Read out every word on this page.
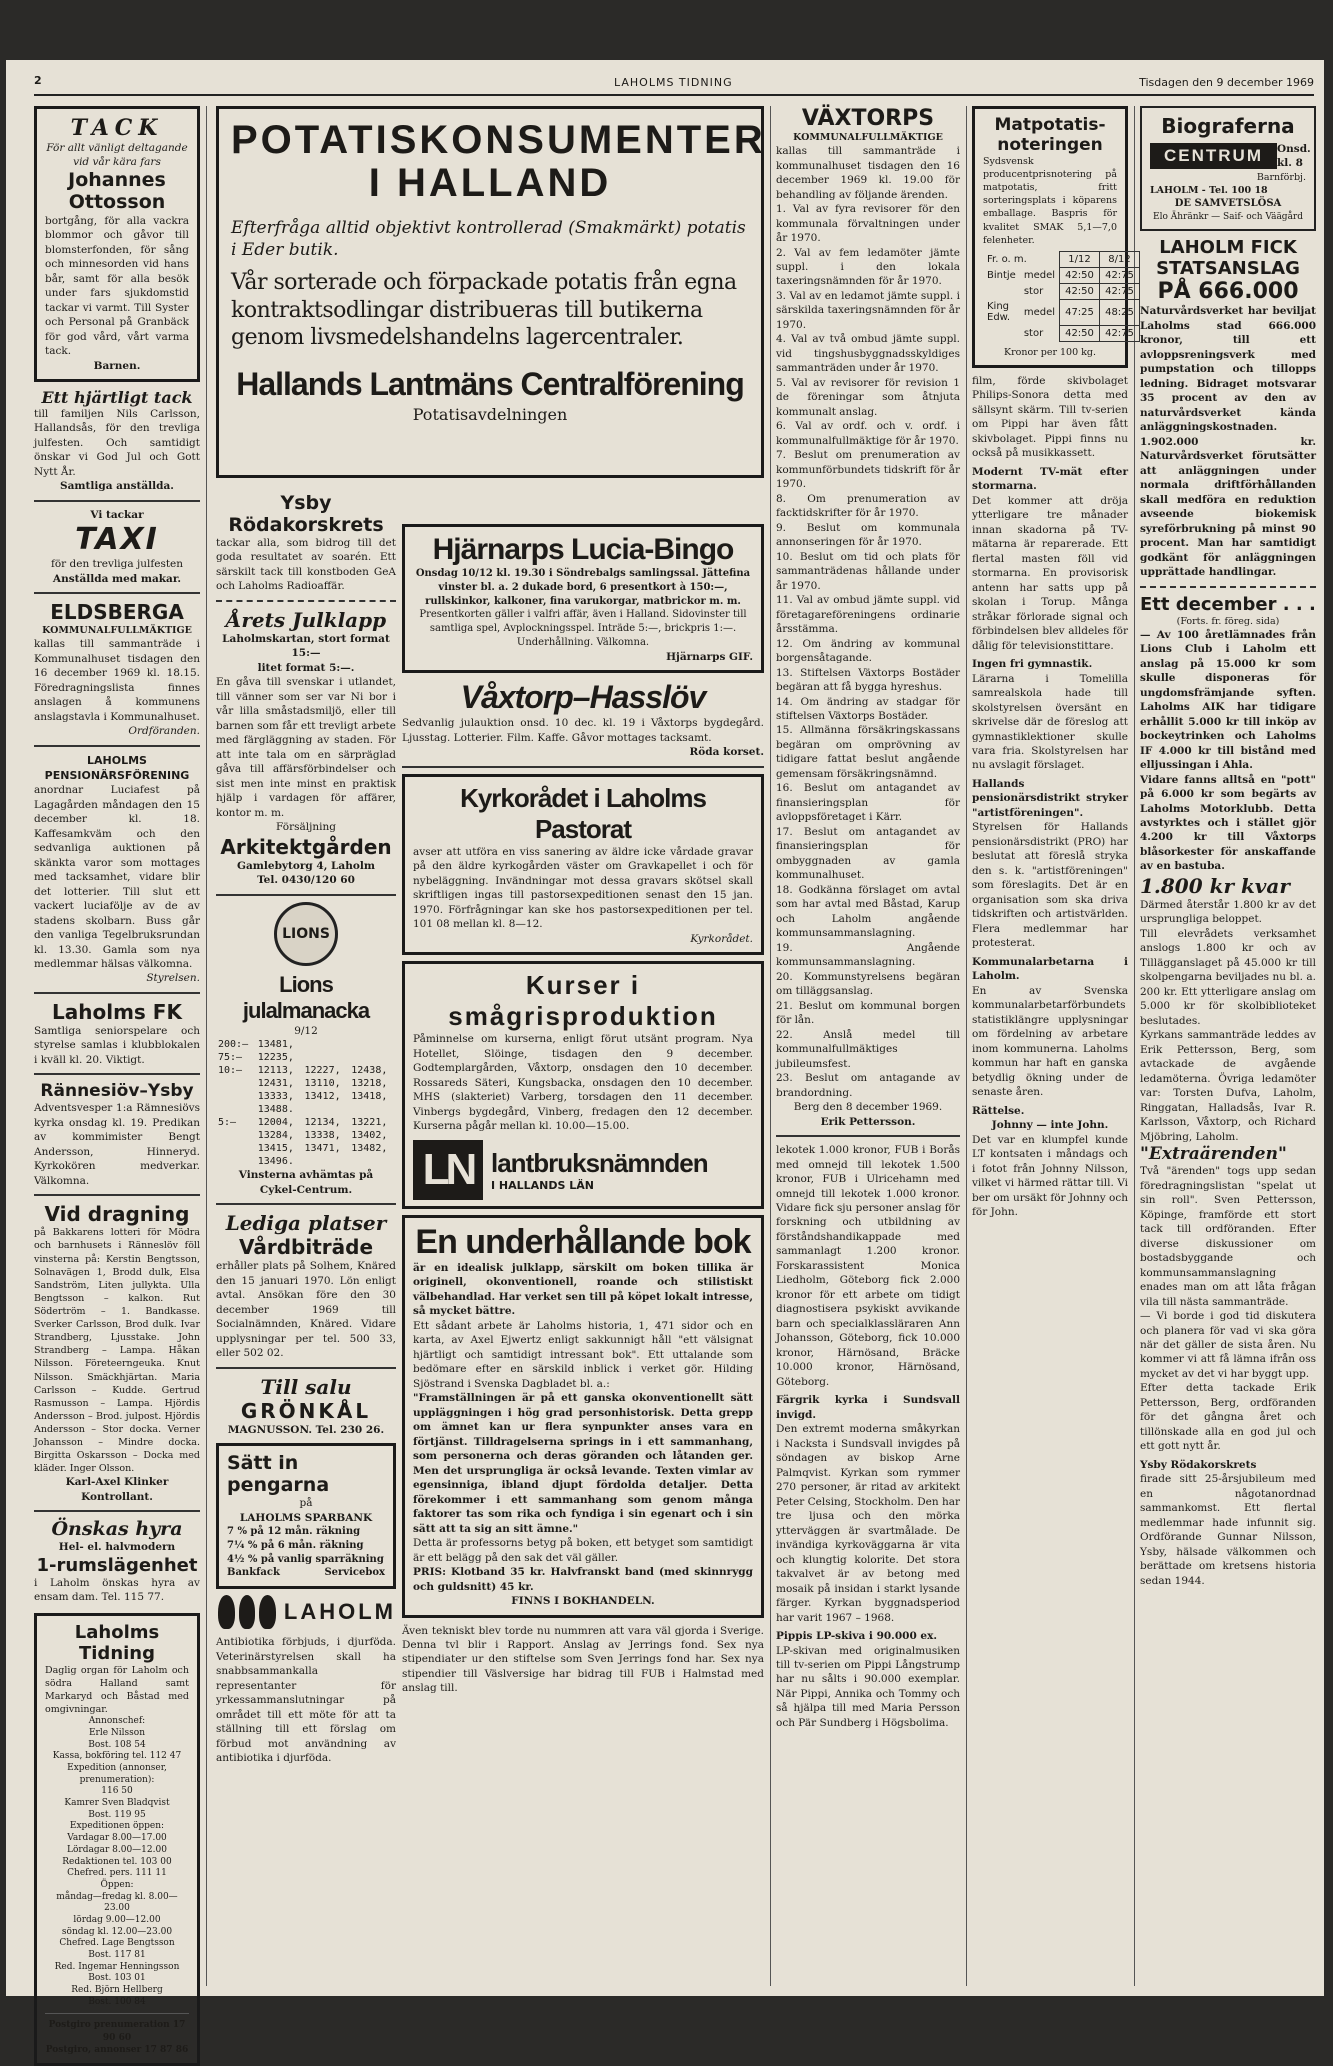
2	LAHOLMS TIDNING	Tisdagen den 9 december 1969
TACK

För allt vänligt deltagande vid vår kära fars

Johannes Ottosson

bortgång, för alla vackra blommor och gåvor till blomsterfonden, för sång och minnesorden vid hans bår, samt för alla besök under fars sjukdomstid tackar vi varmt. Till Syster och Personal på Granbäck för god vård, vårt varma tack.

Barnen.

Ett hjärtligt tack

till familjen Nils Carlsson, Hallandsås, för den trevliga julfesten. Och samtidigt önskar vi God Jul och Gott Nytt År.

Samtliga anställda.

Vi tackar

TAXI

för den trevliga julfesten

Anställda med makar.

ELDSBERGA

KOMMUNALFULLMÄKTIGE

kallas till sammanträde i Kommunalhuset tisdagen den 16 december 1969 kl. 18.15. Föredragningslista finnes anslagen å kommunens anslagstavla i Kommunalhuset.

Ordföranden.

LAHOLMS PENSIONÄRSFÖRENING

anordnar Luciafest på Lagagården måndagen den 15 december kl. 18. Kaffesamkväm och den sedvanliga auktionen på skänkta varor som mottages med tacksamhet, vidare blir det lotterier. Till slut ett vackert luciafölje av de av stadens skolbarn. Buss går den vanliga Tegelbruksrundan kl. 13.30. Gamla som nya medlemmar hälsas välkomna.

Styrelsen.

Laholms FK

Samtliga seniorspelare och styrelse samlas i klubblokalen i kväll kl. 20. Viktigt.

Rännesiöv–Ysby

Adventsvesper 1:a Rämnesiövs kyrka onsdag kl. 19. Predikan av kommimister Bengt Andersson, Hinneryd. Kyrkokören medverkar. Välkomna.

Vid dragning

på Bakkarens lotteri för Mödra och barnhusets i Ränneslöv föll vinsterna på: Kerstin Bengtsson, Solnavägen 1, Brodd dulk, Elsa Sandström, Liten jullykta. Ulla Bengtsson – kalkon. Rut Södertröm – 1. Bandkasse. Sverker Carlsson, Brod dulk. Ivar Strandberg, Ljusstake. John Strandberg – Lampa. Håkan Nilsson. Företeerngeuka. Knut Nilsson. Smäckhjärtan. Maria Carlsson – Kudde. Gertrud Rasmusson – Lampa. Hjördis Andersson – Brod. julpost. Hjördis Andersson – Stor docka. Verner Johansson – Mindre docka. Birgitta Oskarsson – Docka med kläder. Inger Olsson.

Karl-Axel Klinker Kontrollant.

Önskas hyra

Hel- el. halvmodern

1-rumslägenhet

i Laholm önskas hyra av ensam dam. Tel. 115 77.

Laholms Tidning

Daglig organ för Laholm och södra Halland samt Markaryd och Båstad med omgivningar.

Annonschef:
Erle Nilsson
Bost. 108 54
Kassa, bokföring tel. 112 47
Expedition (annonser, prenumeration):
116 50
Kamrer Sven Bladqvist
Bost. 119 95
Expeditionen öppen:
Vardagar 8.00—17.00
Lördagar 8.00—12.00
Redaktionen tel. 103 00
Chefred. pers. 111 11
Öppen:
måndag—fredag kl. 8.00—23.00
lördag 9.00—12.00
söndag kl. 12.00—23.00
Chefred. Lage Bengtsson
Bost. 117 81
Red. Ingemar Henningsson
Bost. 103 01
Red. Björn Hellberg
Bost. 100 84

Postgiro prenumeration 17 90 60

Postgiro, annonser 17 87 86

POTATISKONSUMENTER
I HALLAND
Efterfråga alltid objektivt kontrollerad (Smakmärkt) potatis i Eder butik.
Vår sorterade och förpackade potatis från egna kontraktsodlingar distribueras till butikerna genom livsmedelshandelns lagercentraler.
Hallands Lantmäns Centralförening
Potatisavdelningen
Ysby
Rödakorskrets

tackar alla, som bidrog till det goda resultatet av soarén. Ett särskilt tack till konstboden GeA och Laholms Radioaffär.

Årets Julklapp

Laholmskartan, stort format

15:—

litet format 5:—.

En gåva till svenskar i utlandet, till vänner som ser var Ni bor i vår lilla småstadsmiljö, eller till barnen som får ett trevligt arbete med färgläggning av staden. För att inte tala om en särpräglad gåva till affärsförbindelser och sist men inte minst en praktisk hjälp i vardagen för affärer, kontor m. m.

Försäljning

Arkitektgården

Gamlebytorg 4, Laholm

Tel. 0430/120 60

LIONS
Lions julalmanacka

9/12

200:—	13481,		
75:—	12235,		
10:—	12113,	12227,	12438,
	12431,	13110,	13218,
	13333,	13412,	13418,
	13488.		
5:—	12004,	12134,	13221,
	13284,	13338,	13402,
	13415,	13471,	13482,
	13496.		

Vinsterna avhämtas på

Cykel-Centrum.

Lediga platser
Vårdbiträde

erhåller plats på Solhem, Knäred den 15 januari 1970. Lön enligt avtal. Ansökan före den 30 december 1969 till Socialnämnden, Knäred. Vidare upplysningar per tel. 500 33, eller 502 02.

Till salu
GRÖNKÅL

MAGNUSSON. Tel. 230 26.

Sätt in
pengarna

på

LAHOLMS SPARBANK

7 % på 12 mån. räkning

7¼ % på 6 mån. räkning

4½ % på vanlig sparräkning

Bankfack	Servicebox

LAHOLM

Antibiotika förbjuds, i djurföda. Veterinärstyrelsen skall ha snabbsammankalla representanter för yrkessammanslutningar på området till ett möte för att ta ställning till ett förslag om förbud mot användning av antibiotika i djurföda.

Hjärnarps Lucia-Bingo

Onsdag 10/12 kl. 19.30 i Söndrebalgs samlingssal. Jättefina vinster bl. a. 2 dukade bord, 6 presentkort à 150:—, rullskinkor, kalkoner, fina varukorgar, matbrickor m. m.

Presentkorten gäller i valfri affär, även i Halland. Sidovinster till samtliga spel, Avplockningsspel. Inträde 5:—, brickpris 1:—. Underhållning. Välkomna.

Hjärnarps GIF.

Våxtorp–Hasslöv

Sedvanlig julauktion onsd. 10 dec. kl. 19 i Våxtorps bygdegård. Ljusstag. Lotterier. Film. Kaffe. Gåvor mottages tacksamt.

Röda korset.

Kyrkorådet i Laholms Pastorat

avser att utföra en viss sanering av äldre icke vårdade gravar på den äldre kyrkogården väster om Gravkapellet i och för nybeläggning. Invändningar mot dessa gravars skötsel skall skriftligen ingas till pastorsexpeditionen senast den 15 jan. 1970. Förfrågningar kan ske hos pastorsexpeditionen per tel. 101 08 mellan kl. 8—12.

Kyrkorådet.

Kurser i
smågrisproduktion

Påminnelse om kurserna, enligt förut utsänt program. Nya Hotellet, Slöinge, tisdagen den 9 december. Godtemplargården, Våxtorp, onsdagen den 10 december. Rossareds Säteri, Kungsbacka, onsdagen den 10 december. MHS (slakteriet) Varberg, torsdagen den 11 december. Vinbergs bygdegård, Vinberg, fredagen den 12 december. Kurserna pågår mellan kl. 10.00—15.00.

LN lantbruksnämnden
I HALLANDS LÄN
En underhållande bok

är en idealisk julklapp, särskilt om boken tillika är originell, okonventionell, roande och stilistiskt välbehandlad. Har verket sen till på köpet lokalt intresse, så mycket bättre.

Ett sådant arbete är Laholms historia, 1, 471 sidor och en karta, av Axel Ejwertz enligt sakkunnigt håll "ett välsignat hjärtligt och samtidigt intressant bok". Ett uttalande som bedömare efter en särskild inblick i verket gör. Hilding Sjöstrand i Svenska Dagbladet bl. a.:

"Framställningen är på ett ganska okonventionellt sätt uppläggningen i hög grad personhistorisk. Detta grepp om ämnet kan ur flera synpunkter anses vara en förtjänst. Tilldragelserna springs in i ett sammanhang, som personerna och deras göranden och låtanden ger. Men det ursprungliga är också levande. Texten vimlar av egensinniga, ibland djupt fördolda detaljer. Detta förekommer i ett sammanhang som genom många faktorer tas som rika och fyndiga i sin egenart och i sin sätt att ta sig an sitt ämne."

Detta är professorns betyg på boken, ett betyget som samtidigt är ett belägg på den sak det väl gäller.

PRIS: Klotband 35 kr. Halvfranskt band (med skinnrygg och guldsnitt) 45 kr.

FINNS I BOKHANDELN.

Även tekniskt blev torde nu nummren att vara väl gjorda i Sverige. Denna tvl blir i Rapport. Anslag av Jerrings fond. Sex nya stipendiater ur den stiftelse som Sven Jerrings fond har. Sex nya stipendier till Väslversige har bidrag till FUB i Halmstad med anslag till.

VÄXTORPS

KOMMUNALFULLMÄKTIGE

kallas till sammanträde i kommunalhuset tisdagen den 16 december 1969 kl. 19.00 för behandling av följande ärenden.

1. Val av fyra revisorer för den kommunala förvaltningen under år 1970.

2. Val av fem ledamöter jämte suppl. i den lokala taxeringsnämnden för år 1970.

3. Val av en ledamot jämte suppl. i särskilda taxeringsnämnden för år 1970.

4. Val av två ombud jämte suppl. vid tingshusbyggnadsskyldiges sammanträden under år 1970.

5. Val av revisorer för revision 1 de föreningar som åtnjuta kommunalt anslag.

6. Val av ordf. och v. ordf. i kommunalfullmäktige för år 1970.

7. Beslut om prenumeration av kommunförbundets tidskrift för år 1970.

8. Om prenumeration av facktidskrifter för år 1970.

9. Beslut om kommunala annonseringen för år 1970.

10. Beslut om tid och plats för sammanträdenas hållande under år 1970.

11. Val av ombud jämte suppl. vid företagareföreningens ordinarie årsstämma.

12. Om ändring av kommunal borgensåtagande.

13. Stiftelsen Växtorps Bostäder begäran att få bygga hyreshus.

14. Om ändring av stadgar för stiftelsen Växtorps Bostäder.

15. Allmänna försäkringskassans begäran om omprövning av tidigare fattat beslut angående gemensam försäkringsnämnd.

16. Beslut om antagandet av finansieringsplan för avloppsföretaget i Kärr.

17. Beslut om antagandet av finansieringsplan för ombyggnaden av gamla kommunalhuset.

18. Godkänna förslaget om avtal som har avtal med Båstad, Karup och Laholm angående kommunsammanslagning.

19. Angående kommunsammanslagning.

20. Kommunstyrelsens begäran om tilläggsanslag.

21. Beslut om kommunal borgen för lån.

22. Anslå medel till kommunalfullmäktiges jubileumsfest.

23. Beslut om antagande av brandordning.

Berg den 8 december 1969.

Erik Pettersson.

lekotek 1.000 kronor, FUB i Borås med omnejd till lekotek 1.500 kronor, FUB i Ulricehamn med omnejd till lekotek 1.000 kronor. Vidare fick sju personer anslag för forskning och utbildning av förståndshandikappade med sammanlagt 1.200 kronor. Forskarassistent Monica Liedholm, Göteborg fick 2.000 kronor för ett arbete om tidigt diagnostisera psykiskt avvikande barn och specialklassläraren Ann Johansson, Göteborg, fick 10.000 kronor, Härnösand, Bräcke 10.000 kronor, Härnösand, Göteborg.

Färgrik kyrka i Sundsvall invigd.

Den extremt moderna småkyrkan i Nacksta i Sundsvall invigdes på söndagen av biskop Arne Palmqvist. Kyrkan som rymmer 270 personer, är ritad av arkitekt Peter Celsing, Stockholm. Den har tre ljusa och den mörka ytterväggen är svartmålade. De invändiga kyrkoväggarna är vita och klungtig kolorite. Det stora takvalvet är av betong med mosaik på insidan i starkt lysande färger. Kyrkan byggnadsperiod har varit 1967 – 1968.

Pippis LP-skiva i 90.000 ex.

LP-skivan med originalmusiken till tv-serien om Pippi Långstrump har nu sålts i 90.000 exemplar. När Pippi, Annika och Tommy och så hjälpa till med Maria Persson och Pär Sundberg i Högsbolima.

Matpotatis-
noteringen

Sydsvensk producentprisnotering på matpotatis, fritt sorteringsplats i köparens emballage. Baspris för kvalitet SMAK 5,1—7,0 felenheter.

Fr. o. m.		1/12	8/12
Bintje	medel	42:50	42:75
	stor	42:50	42:75
King Edw.	medel	47:25	48:25
	stor	42:50	42:75

Kronor per 100 kg.

film, förde skivbolaget Philips-Sonora detta med sällsynt skärm. Till tv-serien om Pippi har även fått skivbolaget. Pippi finns nu också på musikkassett.

Modernt TV-mät efter stormarna.

Det kommer att dröja ytterligare tre månader innan skadorna på TV-mätarna är reparerade. Ett flertal masten föll vid stormarna. En provisorisk antenn har satts upp på skolan i Torup. Många stråkar förlorade signal och förbindelsen blev alldeles för dålig för televisionstittare.

Ingen fri gymnastik.

Lärarna i Tomelilla samrealskola hade till skolstyrelsen översänt en skrivelse där de föreslog att gymnastiklektioner skulle vara fria. Skolstyrelsen har nu avslagit förslaget.

Hallands pensionärsdistrikt stryker "artistföreningen".

Styrelsen för Hallands pensionärsdistrikt (PRO) har beslutat att föreslå stryka den s. k. "artistföreningen" som föreslagits. Det är en organisation som ska driva tidskriften och artistvärlden. Flera medlemmar har protesterat.

Kommunalarbetarna i Laholm.

En av Svenska kommunalarbetarförbundets statistiklängre upplysningar om fördelning av arbetare inom kommunerna. Laholms kommun har haft en ganska betydlig ökning under de senaste åren.

Rättelse.

Johnny — inte John.

Det var en klumpfel kunde LT kontsaten i måndags och i fotot från Johnny Nilsson, vilket vi härmed rättar till. Vi ber om ursäkt för Johnny och för John.

Biograferna
CENTRUM	Onsd. kl. 8

Barnförbj.

LAHOLM - Tel. 100 18

DE SAMVETSLÖSA

Elo Ähränkr — Saif- och Väägård

LAHOLM FICK
STATSANSLAG
PÅ 666.000

Naturvårdsverket har beviljat Laholms stad 666.000 kronor, till ett avloppsreningsverk med pumpstation och tillopps ledning. Bidraget motsvarar 35 procent av den av naturvårdsverket kända anläggningskostnaden. 1.902.000 kr. Naturvårdsverket förutsätter att anläggningen under normala driftförhållanden skall medföra en reduktion avseende biokemisk syreförbrukning på minst 90 procent. Man har samtidigt godkänt för anläggningen upprättade handlingar.

Ett december . . .

(Forts. fr. föreg. sida)

— Av 100 åretlämnades från Lions Club i Laholm ett anslag på 15.000 kr som skulle disponeras för ungdomsfrämjande syften. Laholms AIK har tidigare erhållit 5.000 kr till inköp av bockeytrinken och Laholms IF 4.000 kr till bistånd med elljussingan i Ahla.

Vidare fanns alltså en "pott" på 6.000 kr som begärts av Laholms Motorklubb. Detta avstyrktes och i stället gjör 4.200 kr till Våxtorps blåsorkester för anskaffande av en bastuba.

1.800 kr kvar

Därmed återstår 1.800 kr av det ursprungliga beloppet.

Till elevrådets verksamhet anslogs 1.800 kr och av Tillägganslaget på 45.000 kr till skolpengarna beviljades nu bl. a. 200 kr. Ett ytterligare anslag om 5.000 kr för skolbiblioteket beslutades.

Kyrkans sammanträde leddes av Erik Pettersson, Berg, som avtackade de avgående ledamöterna. Övriga ledamöter var: Torsten Dufva, Laholm, Ringgatan, Halladsås, Ivar R. Karlsson, Våxtorp, och Richard Mjöbring, Laholm.

"Extraärenden"

Två "ärenden" togs upp sedan föredragningslistan "spelat ut sin roll". Sven Pettersson, Köpinge, framförde ett stort tack till ordföranden. Efter diverse diskussioner om bostadsbyggande och kommunsammanslagning enades man om att låta frågan vila till nästa sammanträde.

— Vi borde i god tid diskutera och planera för vad vi ska göra när det gäller de sista åren. Nu kommer vi att få lämna ifrån oss mycket av det vi har byggt upp.

Efter detta tackade Erik Pettersson, Berg, ordföranden för det gångna året och tillönskade alla en god jul och ett gott nytt år.

Ysby Rödakorskrets

firade sitt 25-årsjubileum med en någotanordnad sammankomst. Ett flertal medlemmar hade infunnit sig. Ordförande Gunnar Nilsson, Ysby, hälsade välkommen och berättade om kretsens historia sedan 1944.
